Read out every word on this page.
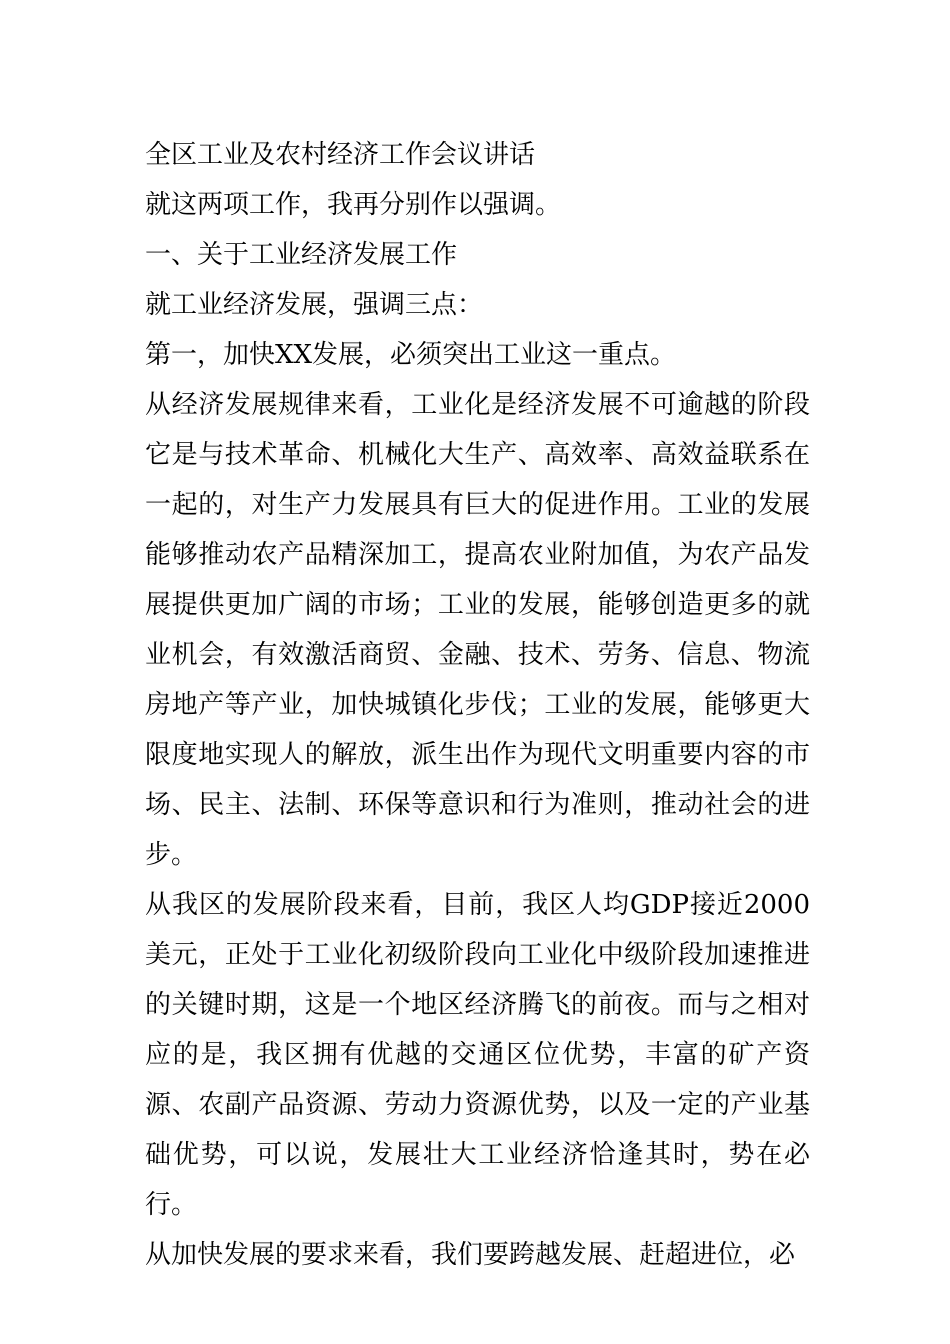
全区工业及农村经济工作会议讲话

就这两项工作，我再分别作以强调。

一、关于工业经济发展工作

就工业经济发展，强调三点：

第一，加快XX发展，必须突出工业这一重点。

从经济发展规律来看，工业化是经济发展不可逾越的阶段它是与技术革命、机械化大生产、高效率、高效益联系在一起的，对生产力发展具有巨大的促进作用。工业的发展能够推动农产品精深加工，提高农业附加值，为农产品发展提供更加广阔的市场；工业的发展，能够创造更多的就业机会，有效激活商贸、金融、技术、劳务、信息、物流房地产等产业，加快城镇化步伐；工业的发展，能够更大限度地实现人的解放，派生出作为现代文明重要内容的市场、民主、法制、环保等意识和行为准则，推动社会的进步。

从我区的发展阶段来看，目前，我区人均GDP接近2000美元，正处于工业化初级阶段向工业化中级阶段加速推进的关键时期，这是一个地区经济腾飞的前夜。而与之相对应的是，我区拥有优越的交通区位优势，丰富的矿产资源、农副产品资源、劳动力资源优势，以及一定的产业基础优势，可以说，发展壮大工业经济恰逢其时，势在必行。

从加快发展的要求来看，我们要跨越发展、赶超进位，必
